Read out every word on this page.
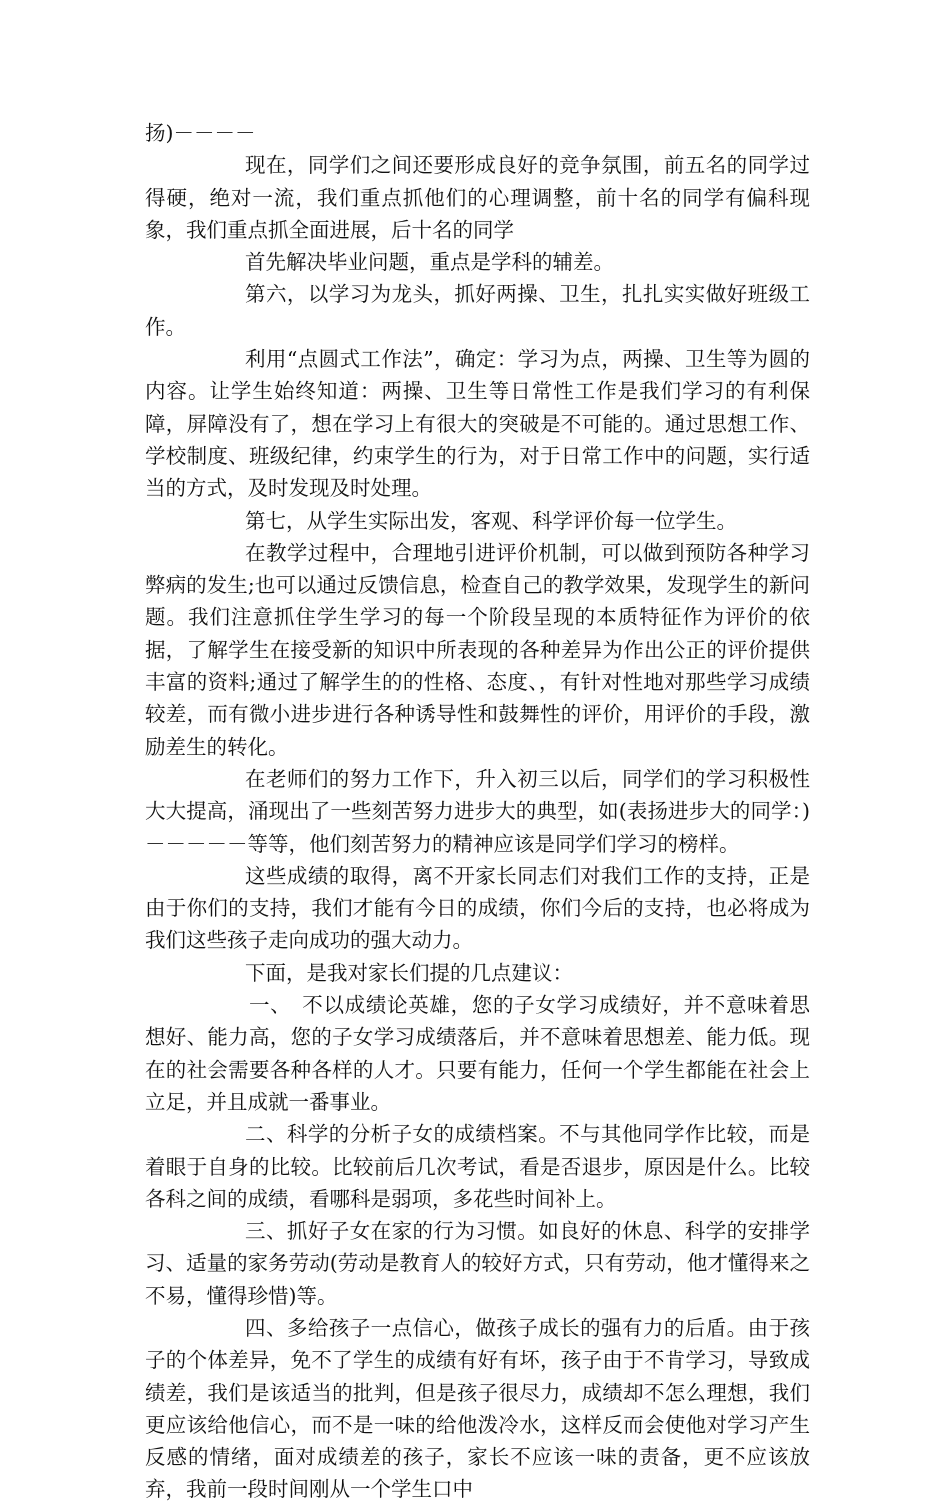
扬)－－－－

现在，同学们之间还要形成良好的竞争氛围，前五名的同学过得硬，绝对一流，我们重点抓他们的心理调整，前十名的同学有偏科现象，我们重点抓全面进展，后十名的同学

首先解决毕业问题，重点是学科的辅差。

第六，以学习为龙头，抓好两操、卫生，扎扎实实做好班级工作。

利用“点圆式工作法”，确定：学习为点，两操、卫生等为圆的内容。让学生始终知道：两操、卫生等日常性工作是我们学习的有利保障，屏障没有了，想在学习上有很大的突破是不可能的。通过思想工作、学校制度、班级纪律，约束学生的行为，对于日常工作中的问题，实行适当的方式，及时发现及时处理。

第七，从学生实际出发，客观、科学评价每一位学生。

在教学过程中，合理地引进评价机制，可以做到预防各种学习弊病的发生;也可以通过反馈信息，检查自己的教学效果，发现学生的新问题。我们注意抓住学生学习的每一个阶段呈现的本质特征作为评价的依据，了解学生在接受新的知识中所表现的各种差异为作出公正的评价提供丰富的资料;通过了解学生的的性格、态度、，有针对性地对那些学习成绩较差，而有微小进步进行各种诱导性和鼓舞性的评价，用评价的手段，激励差生的转化。

在老师们的努力工作下，升入初三以后，同学们的学习积极性大大提高，涌现出了一些刻苦努力进步大的典型，如(表扬进步大的同学：)－－－－－等等，他们刻苦努力的精神应该是同学们学习的榜样。

这些成绩的取得，离不开家长同志们对我们工作的支持，正是由于你们的支持，我们才能有今日的成绩，你们今后的支持，也必将成为我们这些孩子走向成功的强大动力。

下面，是我对家长们提的几点建议：

一、　不以成绩论英雄，您的子女学习成绩好，并不意味着思想好、能力高，您的子女学习成绩落后，并不意味着思想差、能力低。现在的社会需要各种各样的人才。只要有能力，任何一个学生都能在社会上立足，并且成就一番事业。

二、科学的分析子女的成绩档案。不与其他同学作比较，而是着眼于自身的比较。比较前后几次考试，看是否退步，原因是什么。比较各科之间的成绩，看哪科是弱项，多花些时间补上。

三、抓好子女在家的行为习惯。如良好的休息、科学的安排学习、适量的家务劳动(劳动是教育人的较好方式，只有劳动，他才懂得来之不易，懂得珍惜)等。

四、多给孩子一点信心，做孩子成长的强有力的后盾。由于孩子的个体差异，免不了学生的成绩有好有坏，孩子由于不肯学习，导致成绩差，我们是该适当的批判，但是孩子很尽力，成绩却不怎么理想，我们更应该给他信心，而不是一味的给他泼冷水，这样反而会使他对学习产生反感的情绪，面对成绩差的孩子，家长不应该一味的责备，更不应该放弃，我前一段时间刚从一个学生口中
